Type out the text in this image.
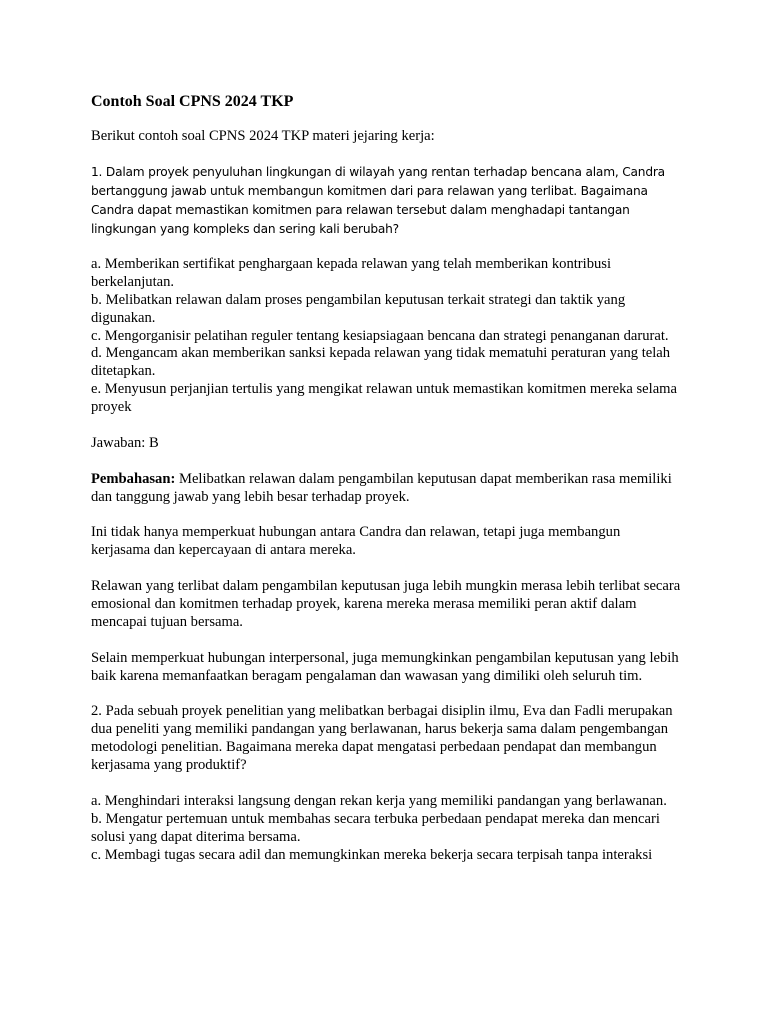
Contoh Soal CPNS 2024 TKP

Berikut contoh soal CPNS 2024 TKP materi jejaring kerja:

1. Dalam proyek penyuluhan lingkungan di wilayah yang rentan terhadap bencana alam, Candra bertanggung jawab untuk membangun komitmen dari para relawan yang terlibat. Bagaimana Candra dapat memastikan komitmen para relawan tersebut dalam menghadapi tantangan lingkungan yang kompleks dan sering kali berubah?

a. Memberikan sertifikat penghargaan kepada relawan yang telah memberikan kontribusi berkelanjutan.

b. Melibatkan relawan dalam proses pengambilan keputusan terkait strategi dan taktik yang digunakan.

c. Mengorganisir pelatihan reguler tentang kesiapsiagaan bencana dan strategi penanganan darurat.

d. Mengancam akan memberikan sanksi kepada relawan yang tidak mematuhi peraturan yang telah ditetapkan.

e. Menyusun perjanjian tertulis yang mengikat relawan untuk memastikan komitmen mereka selama proyek

Jawaban: B

Pembahasan: Melibatkan relawan dalam pengambilan keputusan dapat memberikan rasa memiliki dan tanggung jawab yang lebih besar terhadap proyek.

Ini tidak hanya memperkuat hubungan antara Candra dan relawan, tetapi juga membangun kerjasama dan kepercayaan di antara mereka.

Relawan yang terlibat dalam pengambilan keputusan juga lebih mungkin merasa lebih terlibat secara emosional dan komitmen terhadap proyek, karena mereka merasa memiliki peran aktif dalam mencapai tujuan bersama.

Selain memperkuat hubungan interpersonal, juga memungkinkan pengambilan keputusan yang lebih baik karena memanfaatkan beragam pengalaman dan wawasan yang dimiliki oleh seluruh tim.

2. Pada sebuah proyek penelitian yang melibatkan berbagai disiplin ilmu, Eva dan Fadli merupakan dua peneliti yang memiliki pandangan yang berlawanan, harus bekerja sama dalam pengembangan metodologi penelitian. Bagaimana mereka dapat mengatasi perbedaan pendapat dan membangun kerjasama yang produktif?

a. Menghindari interaksi langsung dengan rekan kerja yang memiliki pandangan yang berlawanan.

b. Mengatur pertemuan untuk membahas secara terbuka perbedaan pendapat mereka dan mencari solusi yang dapat diterima bersama.

c. Membagi tugas secara adil dan memungkinkan mereka bekerja secara terpisah tanpa interaksi
